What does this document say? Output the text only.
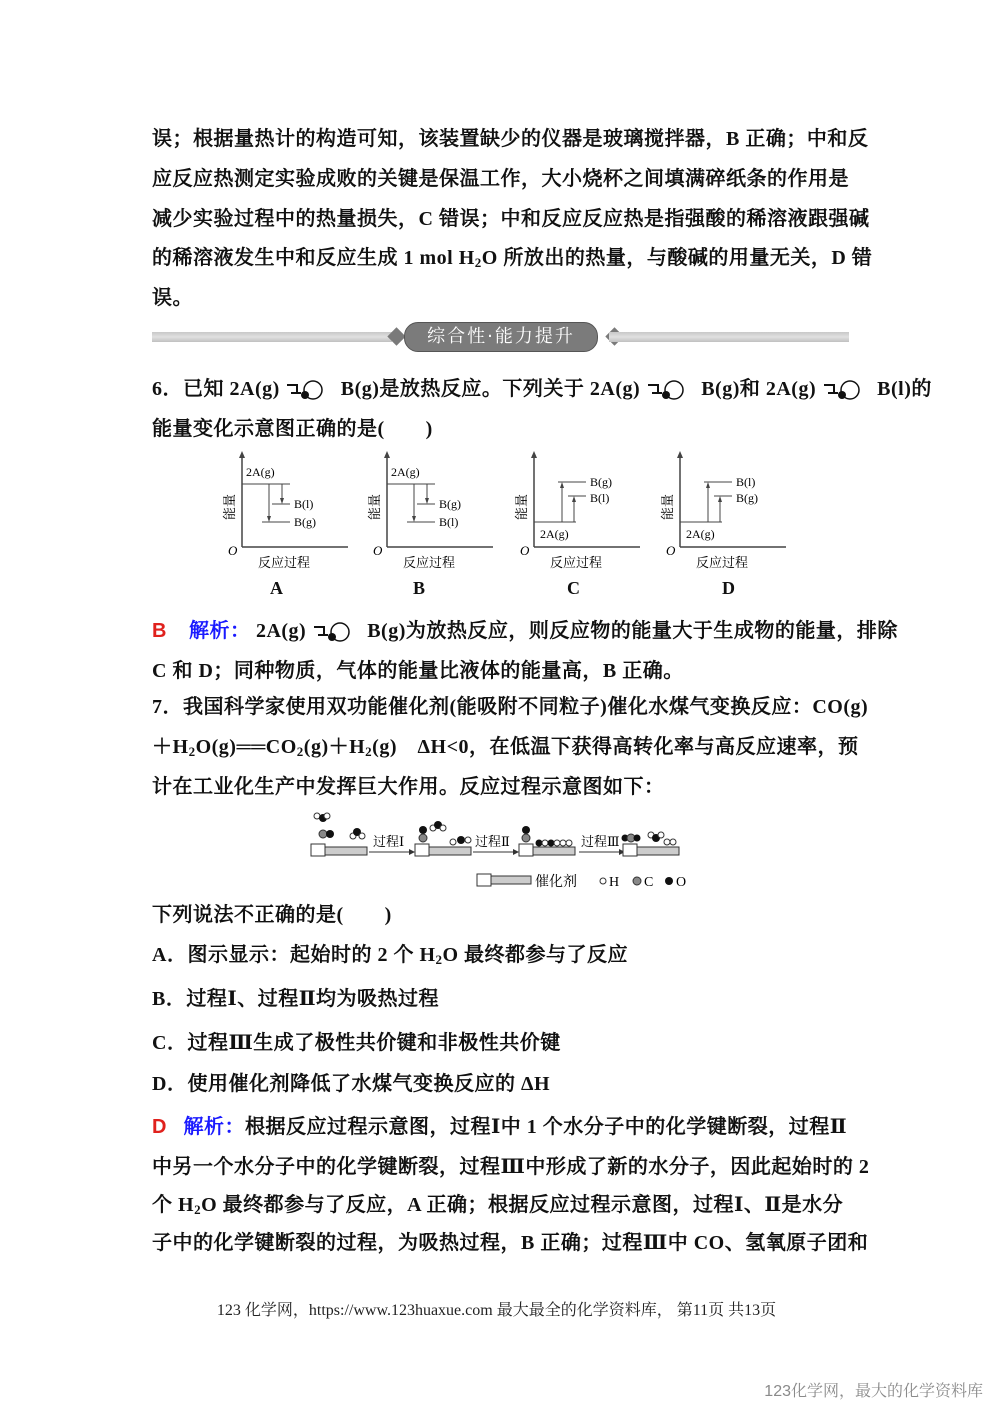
误；根据量热计的构造可知，该装置缺少的仪器是玻璃搅拌器，B 正确；中和反
应反应热测定实验成败的关键是保温工作，大小烧杯之间填满碎纸条的作用是
减少实验过程中的热量损失，C 错误；中和反应反应热是指强酸的稀溶液跟强碱
的稀溶液发生中和反应生成 1 mol $H_2O$ 所放出的热量，与酸碱的用量无关，D 错
误。
综合性·能力提升
6．已知 2A(g)	B(g)是放热反应。下列关于 2A(g)	B(g)和 2A(g)	B(l)的
能量变化示意图正确的是(　　)
O
反应过程
能量
2A(g)
B(l)
B(g)
A
O
反应过程
能量
2A(g)
B(g)
B(l)
B
O
反应过程
能量
2A(g)
B(g)
B(l)
C
O
反应过程
能量
2A(g)
B(l)
B(g)
D
B 解析： 2A(g)	B(g)为放热反应，则反应物的能量大于生成物的能量，排除
C 和 D；同种物质，气体的能量比液体的能量高，B 正确。
7．我国科学家使用双功能催化剂(能吸附不同粒子)催化水煤气变换反应：CO(g)
$+H_2O(g)══CO_2(g)+H_2(g)$　ΔH<0，在低温下获得高转化率与高反应速率，预
计在工业化生产中发挥巨大作用。反应过程示意图如下：
过程Ⅰ	过程Ⅱ	过程Ⅲ
催化剂 H C O
下列说法不正确的是(　　)
A．图示显示：起始时的 2 个 $H_2O$ 最终都参与了反应
B．过程Ⅰ、过程Ⅱ均为吸热过程
C．过程Ⅲ生成了极性共价键和非极性共价键
D．使用催化剂降低了水煤气变换反应的 ΔH
D 解析：根据反应过程示意图，过程Ⅰ中 1 个水分子中的化学键断裂，过程Ⅱ
中另一个水分子中的化学键断裂，过程Ⅲ中形成了新的水分子，因此起始时的 2
个 $H_2O$ 最终都参与了反应，A 正确；根据反应过程示意图，过程Ⅰ、Ⅱ是水分
子中的化学键断裂的过程，为吸热过程，B 正确；过程Ⅲ中 CO、氢氧原子团和
123 化学网，https://www.123huaxue.com 最大最全的化学资料库， 第11页 共13页
123化学网，最大的化学资料库
